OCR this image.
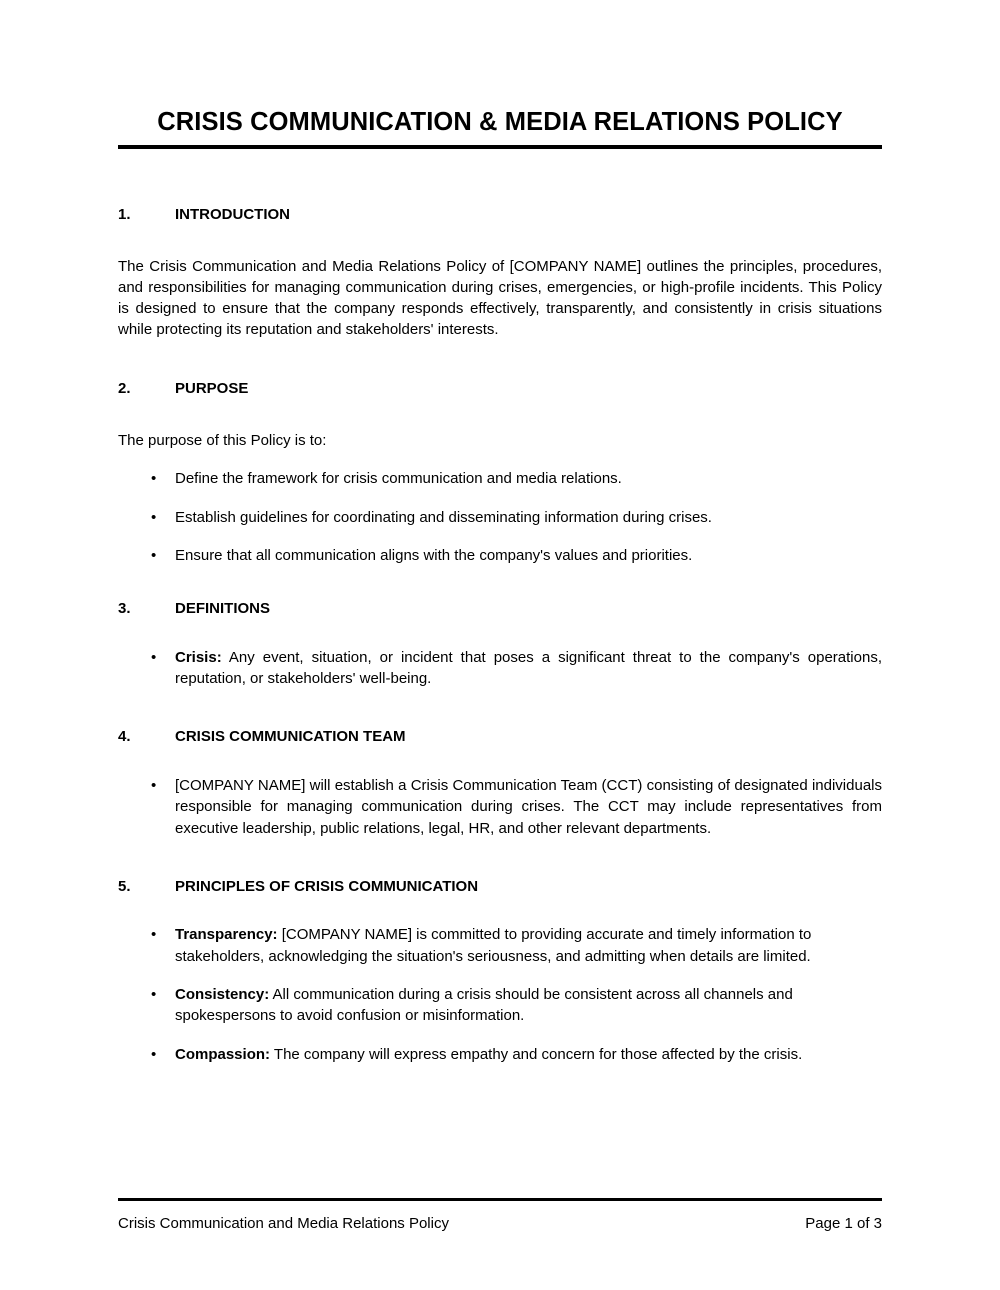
CRISIS COMMUNICATION & MEDIA RELATIONS POLICY
1.	INTRODUCTION

The Crisis Communication and Media Relations Policy of [COMPANY NAME] outlines the principles, procedures, and responsibilities for managing communication during crises, emergencies, or high-profile incidents. This Policy is designed to ensure that the company responds effectively, transparently, and consistently in crisis situations while protecting its reputation and stakeholders' interests.

2.	PURPOSE

The purpose of this Policy is to:

• Define the framework for crisis communication and media relations.
• Establish guidelines for coordinating and disseminating information during crises.
• Ensure that all communication aligns with the company's values and priorities.
3.	DEFINITIONS
• Crisis: Any event, situation, or incident that poses a significant threat to the company's operations, reputation, or stakeholders' well-being.
4.	CRISIS COMMUNICATION TEAM
• [COMPANY NAME] will establish a Crisis Communication Team (CCT) consisting of designated individuals responsible for managing communication during crises. The CCT may include representatives from executive leadership, public relations, legal, HR, and other relevant departments.
5.	PRINCIPLES OF CRISIS COMMUNICATION
• Transparency: [COMPANY NAME] is committed to providing accurate and timely information to stakeholders, acknowledging the situation's seriousness, and admitting when details are limited.
• Consistency: All communication during a crisis should be consistent across all channels and spokespersons to avoid confusion or misinformation.
• Compassion: The company will express empathy and concern for those affected by the crisis.
Crisis Communication and Media Relations Policy	Page 1 of 3
